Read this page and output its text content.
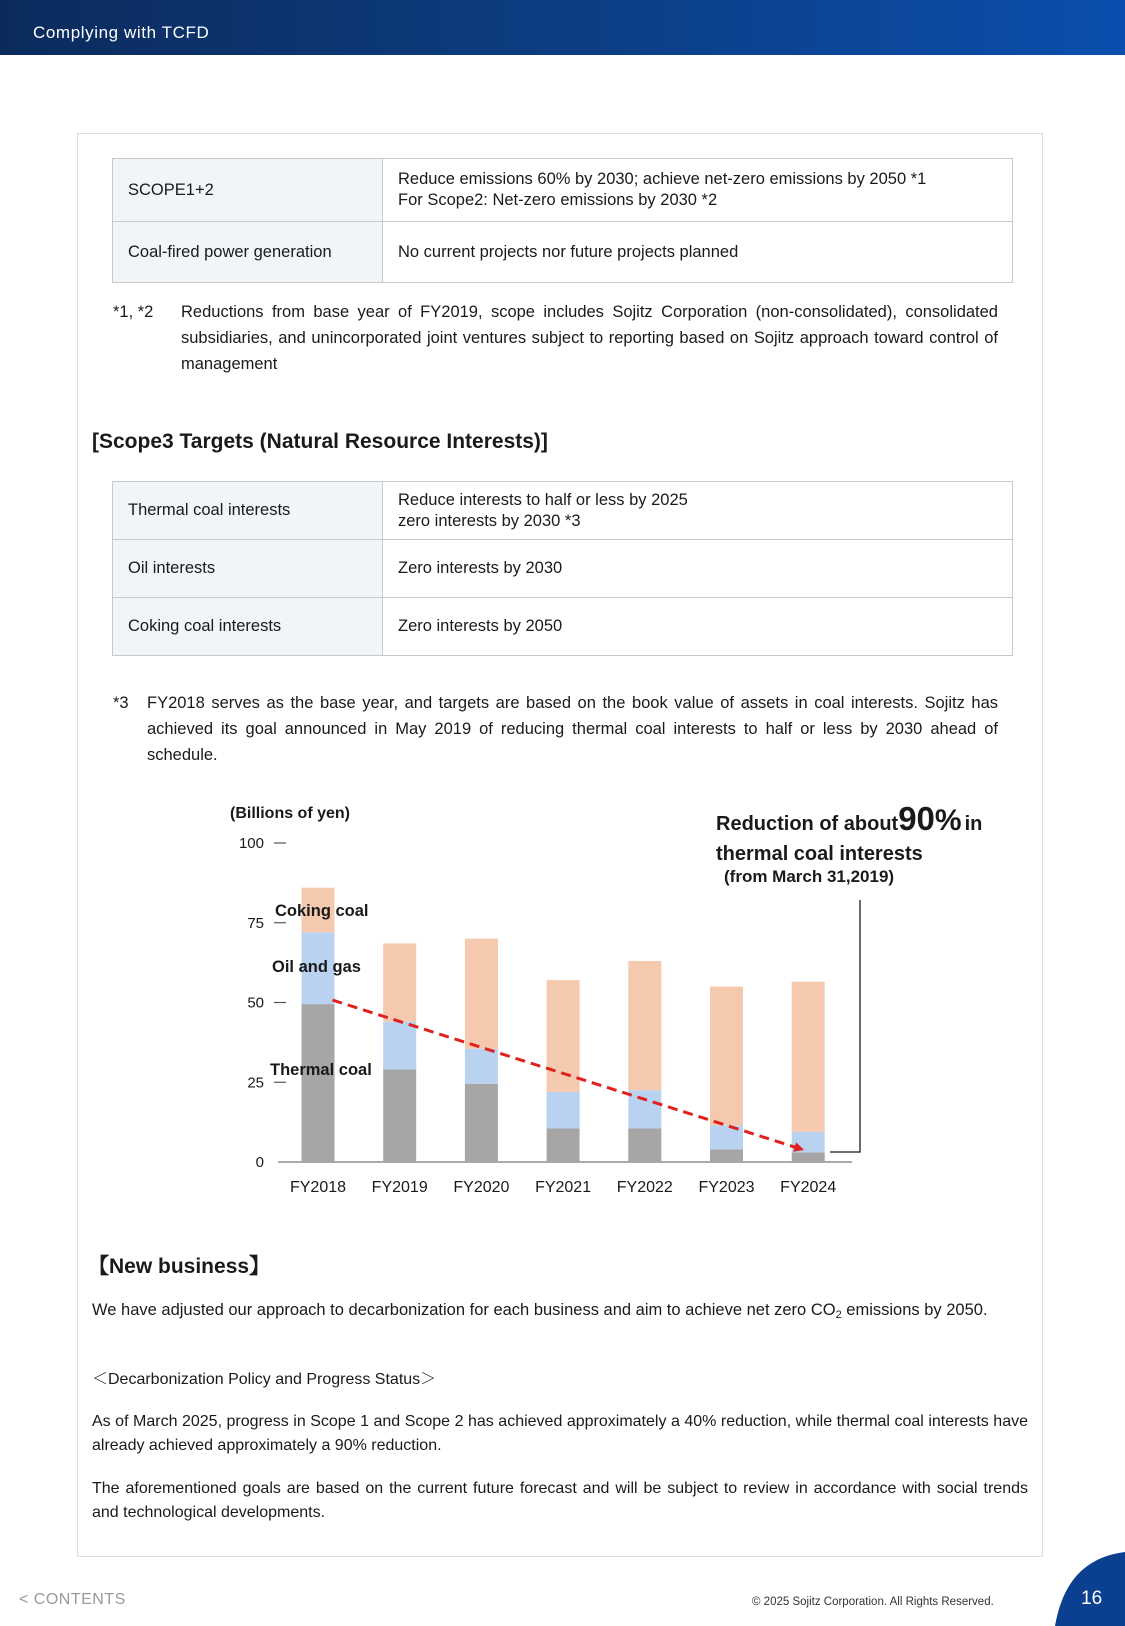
Complying with TCFD
SCOPE1+2	Reduce emissions 60% by 2030; achieve net-zero emissions by 2050 *1
For Scope2: Net-zero emissions by 2030 *2

Coal-fired power generation	No current projects nor future projects planned
*1, *2 Reductions from base year of FY2019, scope includes Sojitz Corporation (non-consolidated), consolidated subsidiaries, and unincorporated joint ventures subject to reporting based on Sojitz approach toward control of management
[Scope3 Targets (Natural Resource Interests)]
Thermal coal interests	Reduce interests to half or less by 2025
zero interests by 2030 *3

Oil interests	Zero interests by 2030

Coking coal interests	Zero interests by 2050
*3 FY2018 serves as the base year, and targets are based on the book value of assets in coal interests. Sojitz has achieved its goal announced in May 2019 of reducing thermal coal interests to half or less by 2030 ahead of schedule.
(Billions of yen)
0
25
50
75
100
FY2018 FY2019 FY2020 FY2021 FY2022 FY2023 FY2024
Thermal coal
Oil and gas
Coking coal
Reduction of about90% in
thermal coal interests
(from March 31,2019)
【New business】
We have adjusted our approach to decarbonization for each business and aim to achieve net zero $CO_2$ emissions by 2050.
＜Decarbonization Policy and Progress Status＞
As of March 2025, progress in Scope 1 and Scope 2 has achieved approximately a 40% reduction, while thermal coal interests have already achieved approximately a 90% reduction.
The aforementioned goals are based on the current future forecast and will be subject to review in accordance with social trends and technological developments.
< CONTENTS	© 2025 Sojitz Corporation. All Rights Reserved.	16
